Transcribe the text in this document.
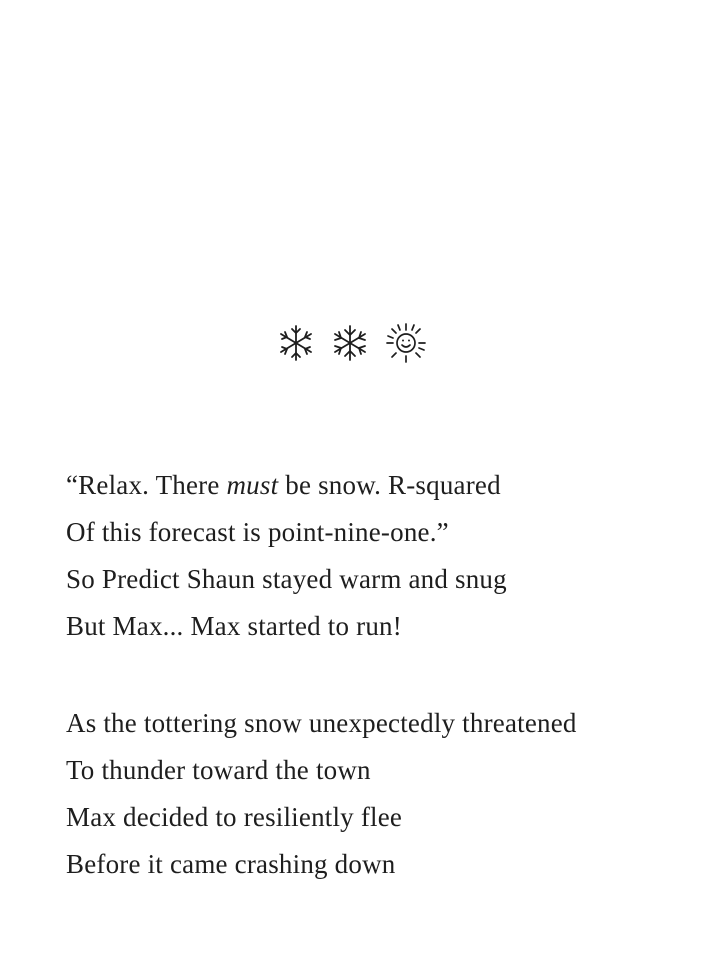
“Relax. There must be snow. R-squared
Of this forecast is point-nine-one.”
So Predict Shaun stayed warm and snug
But Max... Max started to run!
As the tottering snow unexpectedly threatened
To thunder toward the town
Max decided to resiliently flee
Before it came crashing down
